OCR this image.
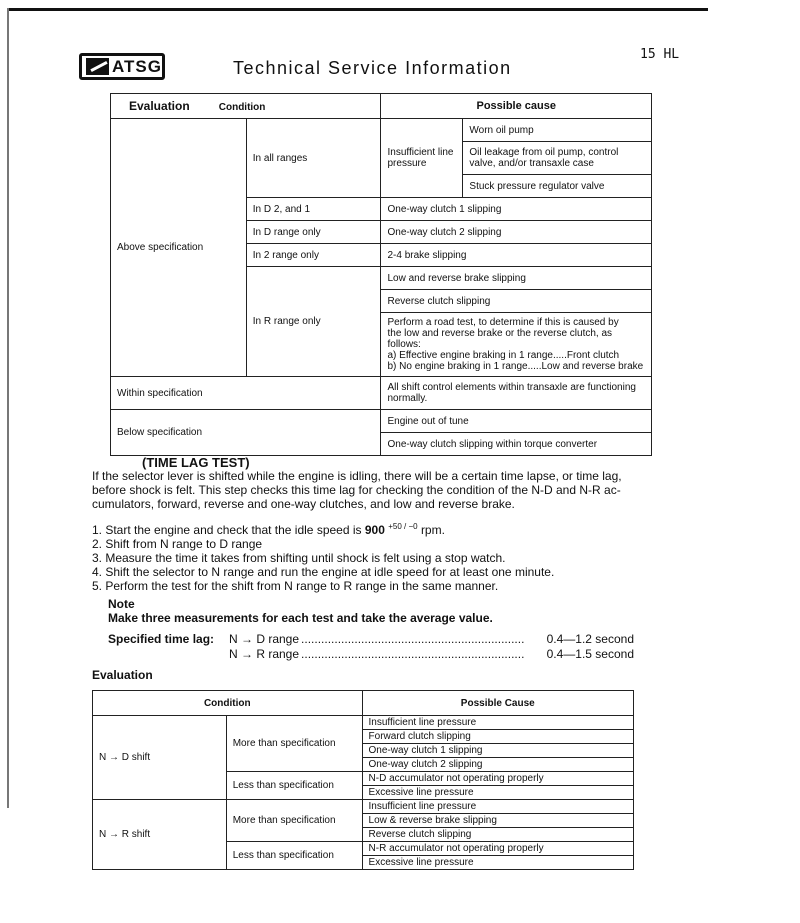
ATSG	Technical Service Information
15 HL
Evaluation Condition		Possible cause	
Above specification	In all ranges	Insufficient line pressure	Worn oil pump
			Oil leakage from oil pump, control valve, and/or transaxle case
			Stuck pressure regulator valve
	In D 2, and 1	One-way clutch 1 slipping	
	In D range only	One-way clutch 2 slipping	
	In 2 range only	2-4 brake slipping	
	In R range only	Low and reverse brake slipping	
		Reverse clutch slipping	

		Perform a road test, to determine if this is caused by
the low and reverse brake or the reverse clutch, as
follows:
a) Effective engine braking in 1 range.....Front clutch
b) No engine braking in 1 range.....Low and reverse brake	

Within specification		All shift control elements within transaxle are functioning normally.	
Below specification		Engine out of tune	
		One-way clutch slipping within torque converter	
(TIME LAG TEST)
If the selector lever is shifted while the engine is idling, there will be a certain time lapse, or time lag,
before shock is felt. This step checks this time lag for checking the condition of the N-D and N-R ac-
cumulators, forward, reverse and one-way clutches, and low and reverse brake.
1. Start the engine and check that the idle speed is 900 $^{+50 / -0}$ rpm.
2. Shift from N range to D range
3. Measure the time it takes from shifting until shock is felt using a stop watch.
4. Shift the selector to N range and run the engine at idle speed for at least one minute.
5. Perform the test for the shift from N range to R range in the same manner.
Note
Make three measurements for each test and take the average value.
Specified time lag: N → D range ...................................................................	0.4—1.2 second
N → R range ...................................................................	0.4—1.5 second
Evaluation
Condition		Possible Cause
N → D shift	More than specification	Insufficient line pressure
		Forward clutch slipping
		One-way clutch 1 slipping
		One-way clutch 2 slipping
	Less than specification	N-D accumulator not operating properly
		Excessive line pressure
N → R shift	More than specification	Insufficient line pressure
		Low & reverse brake slipping
		Reverse clutch slipping
	Less than specification	N-R accumulator not operating properly
		Excessive line pressure
